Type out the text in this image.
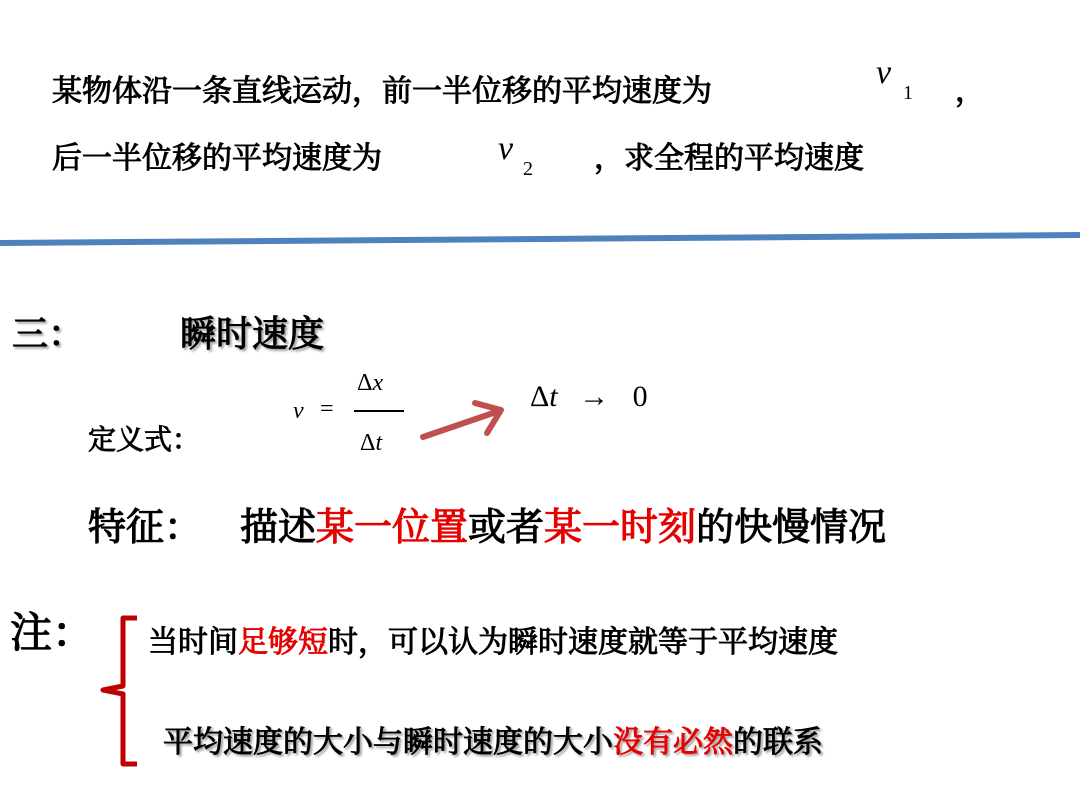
某物体沿一条直线运动，前一半位移的平均速度为
v
1 ，
后一半位移的平均速度为	v
2 ，求全程的平均速度
三：	瞬时速度
定义式：
v =
Δx
Δt
Δt → 0
特征： 描述某一位置或者某一时刻的快慢情况
注： 当时间足够短时，可以认为瞬时速度就等于平均速度
平均速度的大小与瞬时速度的大小没有必然的联系
